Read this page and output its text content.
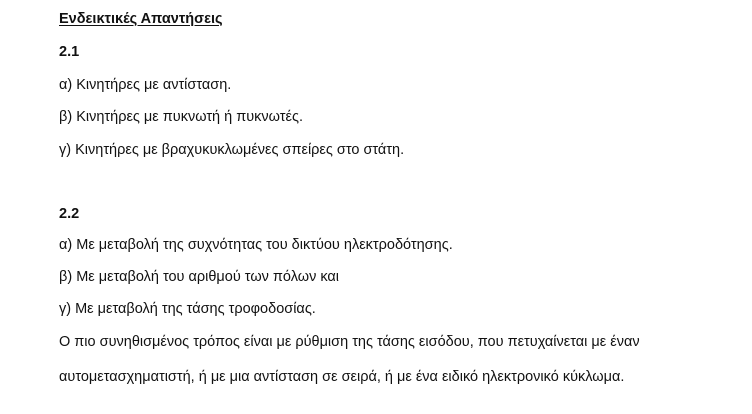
Ενδεικτικές Απαντήσεις
2.1
α) Κινητήρες με αντίσταση.
β) Κινητήρες με πυκνωτή ή πυκνωτές.
γ) Κινητήρες με βραχυκυκλωμένες σπείρες στο στάτη.
2.2
α) Με μεταβολή της συχνότητας του δικτύου ηλεκτροδότησης.
β) Με μεταβολή του αριθμού των πόλων και
γ) Με μεταβολή της τάσης τροφοδοσίας.
Ο πιο συνηθισμένος τρόπος είναι με ρύθμιση της τάσης εισόδου, που πετυχαίνεται με έναν
αυτομετασχηματιστή, ή με μια αντίσταση σε σειρά, ή με ένα ειδικό ηλεκτρονικό κύκλωμα.
